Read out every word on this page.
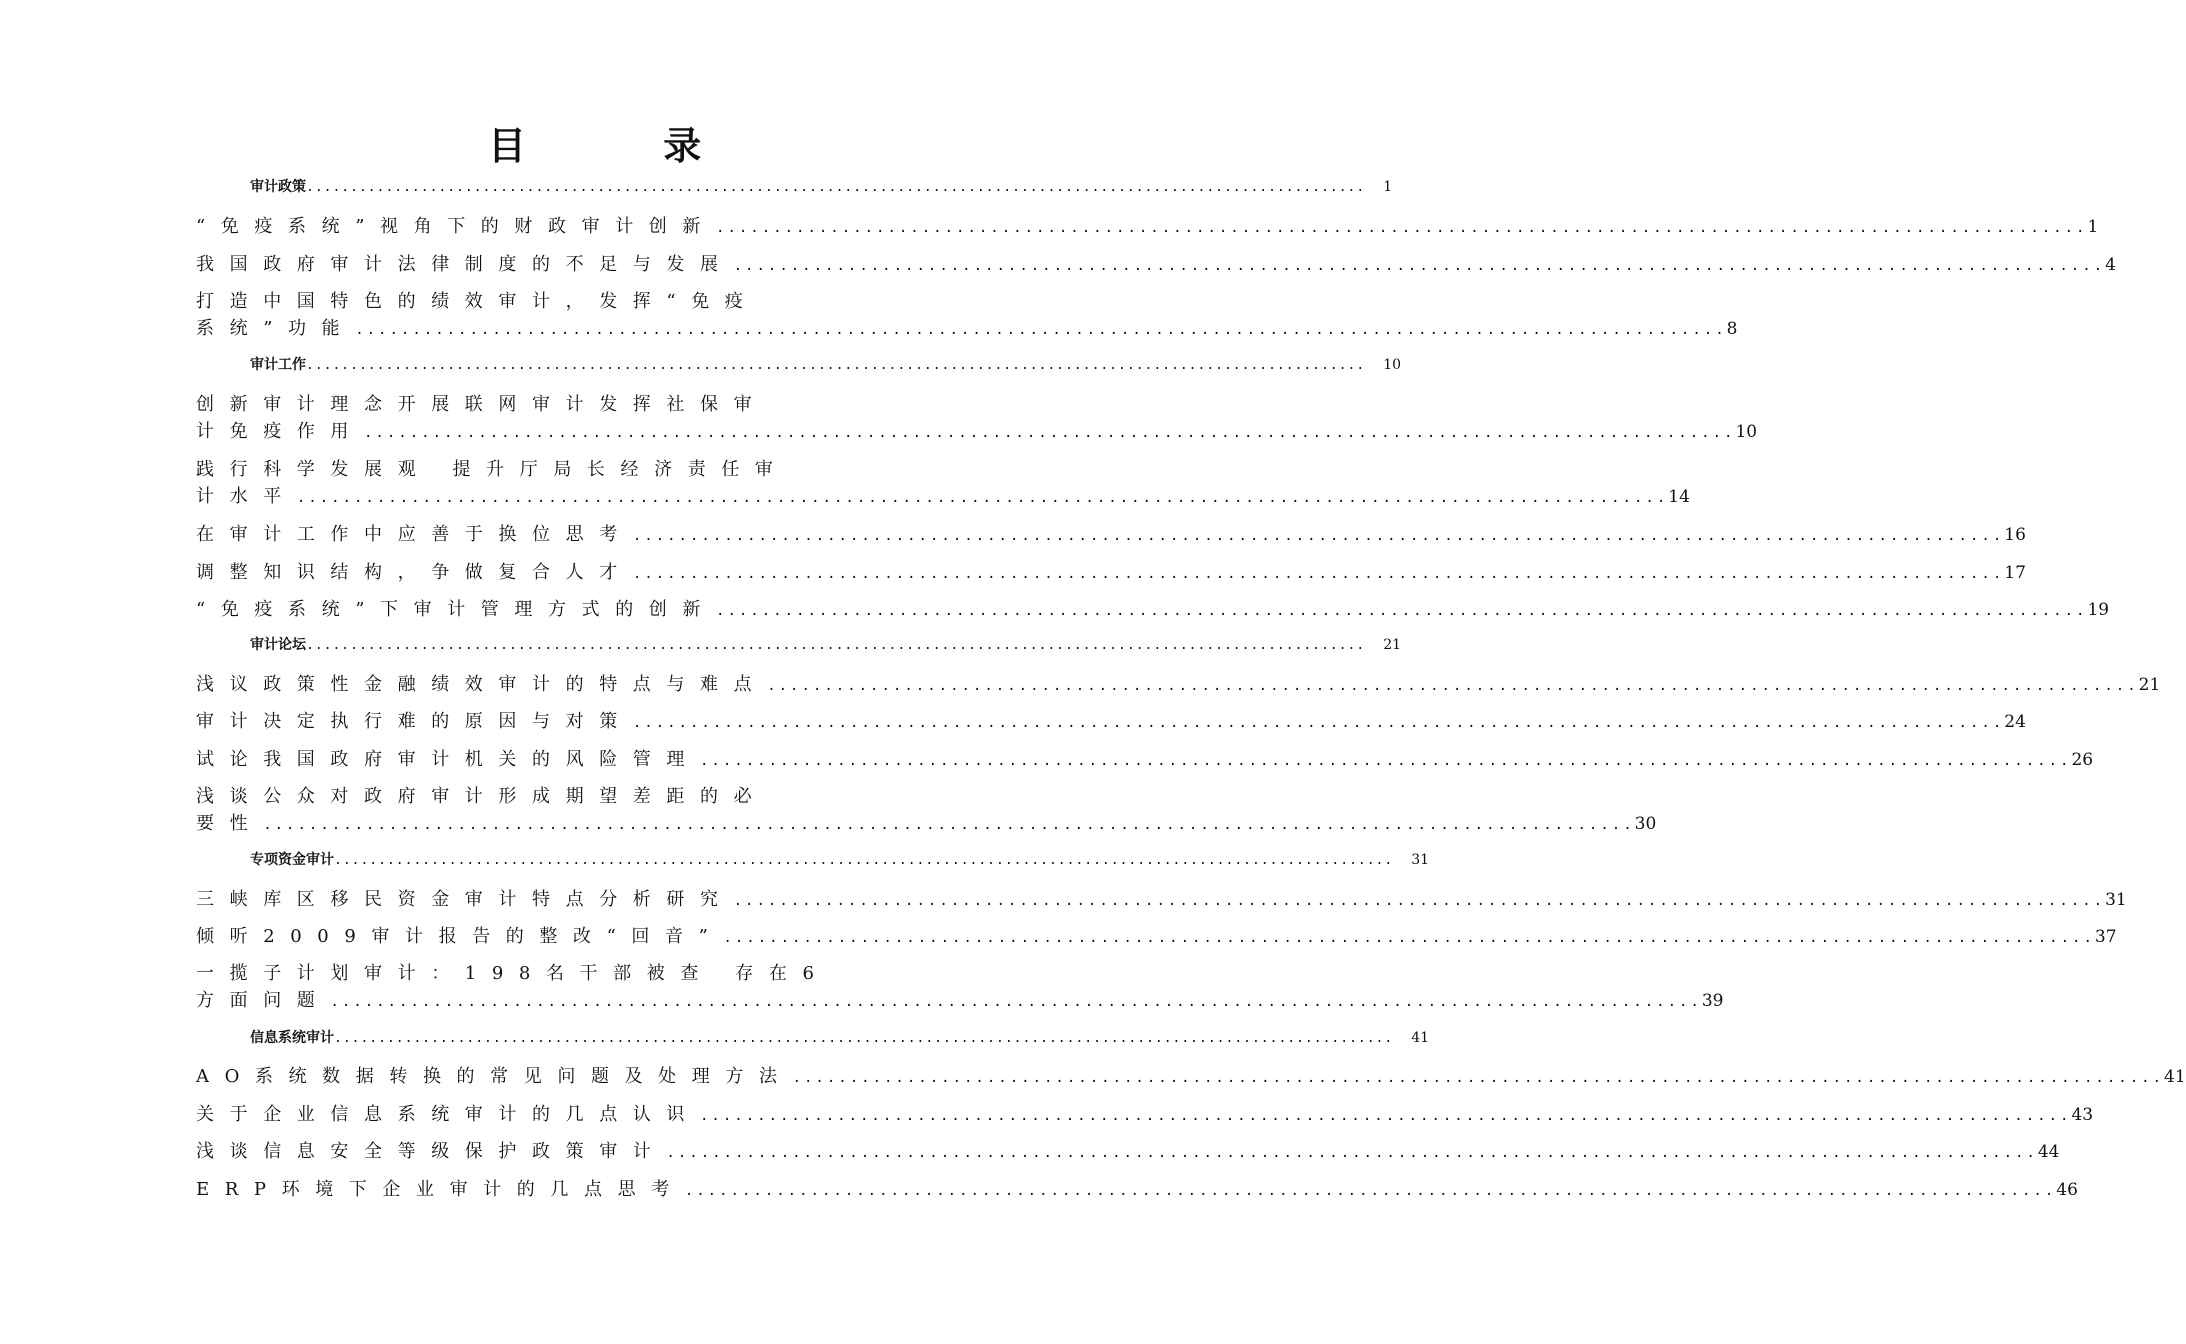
目 录
审计政策 ........................................................................................................................ 1
审计工作 ........................................................................................................................ 10
审计论坛 ........................................................................................................................ 21
专项资金审计 ........................................................................................................................ 31
信息系统审计 ........................................................................................................................ 41
“免疫系统”视角下的财政审计创新 ........................................................................................................................ 1
我国政府审计法律制度的不足与发展 ........................................................................................................................ 4
打造中国特色的绩效审计，发挥“免疫
系统”功能 ........................................................................................................................ 8
创新审计理念开展联网审计发挥社保审
计免疫作用 ........................................................................................................................ 10
践行科学发展观 提升厅局长经济责任审
计水平 ........................................................................................................................ 14
在审计工作中应善于换位思考 ........................................................................................................................ 16
调整知识结构，争做复合人才 ........................................................................................................................ 17
“免疫系统”下审计管理方式的创新 ........................................................................................................................ 19
浅议政策性金融绩效审计的特点与难点 ........................................................................................................................ 21
审计决定执行难的原因与对策 ........................................................................................................................ 24
试论我国政府审计机关的风险管理 ........................................................................................................................ 26
浅谈公众对政府审计形成期望差距的必
要性 ........................................................................................................................ 30
三峡库区移民资金审计特点分析研究 ........................................................................................................................ 31
倾听2009审计报告的整改“回音” ........................................................................................................................ 37
一揽子计划审计：198名干部被查 存在6
方面问题 ........................................................................................................................ 39
AO系统数据转换的常见问题及处理方法 ........................................................................................................................ 41
关于企业信息系统审计的几点认识 ........................................................................................................................ 43
浅谈信息安全等级保护政策审计 ........................................................................................................................ 44
ERP环境下企业审计的几点思考 ........................................................................................................................ 46
